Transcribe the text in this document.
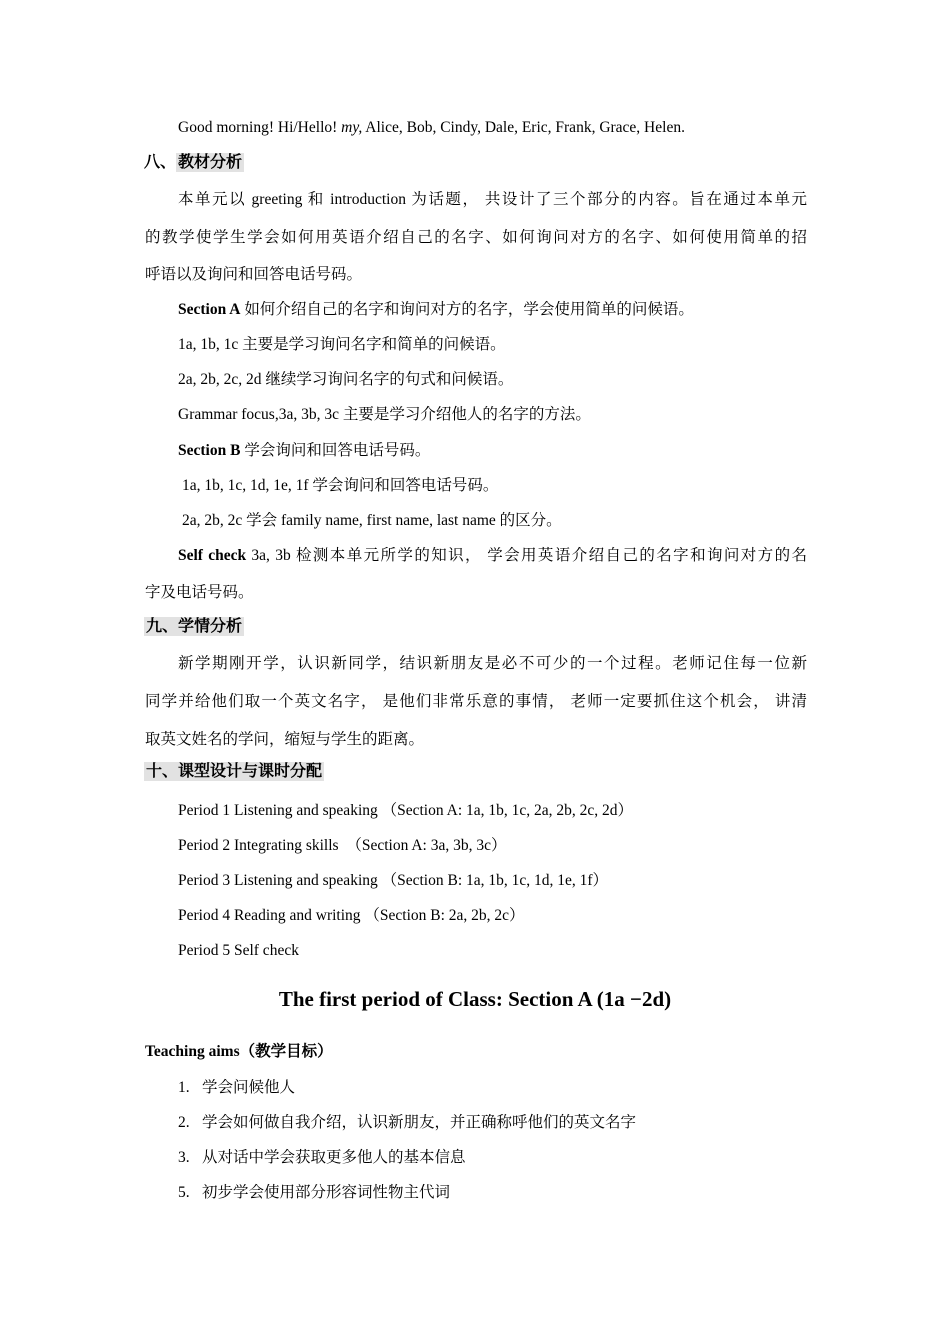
Good morning! Hi/Hello! my, Alice, Bob, Cindy, Dale, Eric, Frank, Grace, Helen.
八、 教材分析
本单元以 greeting 和 introduction 为话题， 共设计了三个部分的内容。旨在通过本单元
的教学使学生学会如何用英语介绍自己的名字、如何询问对方的名字、如何使用简单的招
呼语以及询问和回答电话号码。
Section A 如何介绍自己的名字和询问对方的名字，学会使用简单的问候语。
1a, 1b, 1c 主要是学习询问名字和简单的问候语。
2a, 2b, 2c, 2d 继续学习询问名字的句式和问候语。
Grammar focus,3a, 3b, 3c 主要是学习介绍他人的名字的方法。
Section B 学会询问和回答电话号码。
1a, 1b, 1c, 1d, 1e, 1f 学会询问和回答电话号码。
2a, 2b, 2c 学会 family name, first name, last name 的区分。
Self check 3a, 3b 检测本单元所学的知识， 学会用英语介绍自己的名字和询问对方的名
字及电话号码。
九、学情分析
新学期刚开学，认识新同学，结识新朋友是必不可少的一个过程。老师记住每一位新
同学并给他们取一个英文名字， 是他们非常乐意的事情， 老师一定要抓住这个机会， 讲清
取英文姓名的学问，缩短与学生的距离。
十、课型设计与课时分配
Period 1 Listening and speaking （Section A: 1a, 1b, 1c, 2a, 2b, 2c, 2d）
Period 2 Integrating skills　（Section A: 3a, 3b, 3c）
Period 3 Listening and speaking （Section B: 1a, 1b, 1c, 1d, 1e, 1f）
Period 4 Reading and writing （Section B: 2a, 2b, 2c）
Period 5 Self check
The first period of Class: Section A (1a −2d)
Teaching aims（教学目标）
1. 学会问候他人
2. 学会如何做自我介绍，认识新朋友，并正确称呼他们的英文名字
3. 从对话中学会获取更多他人的基本信息
5. 初步学会使用部分形容词性物主代词
